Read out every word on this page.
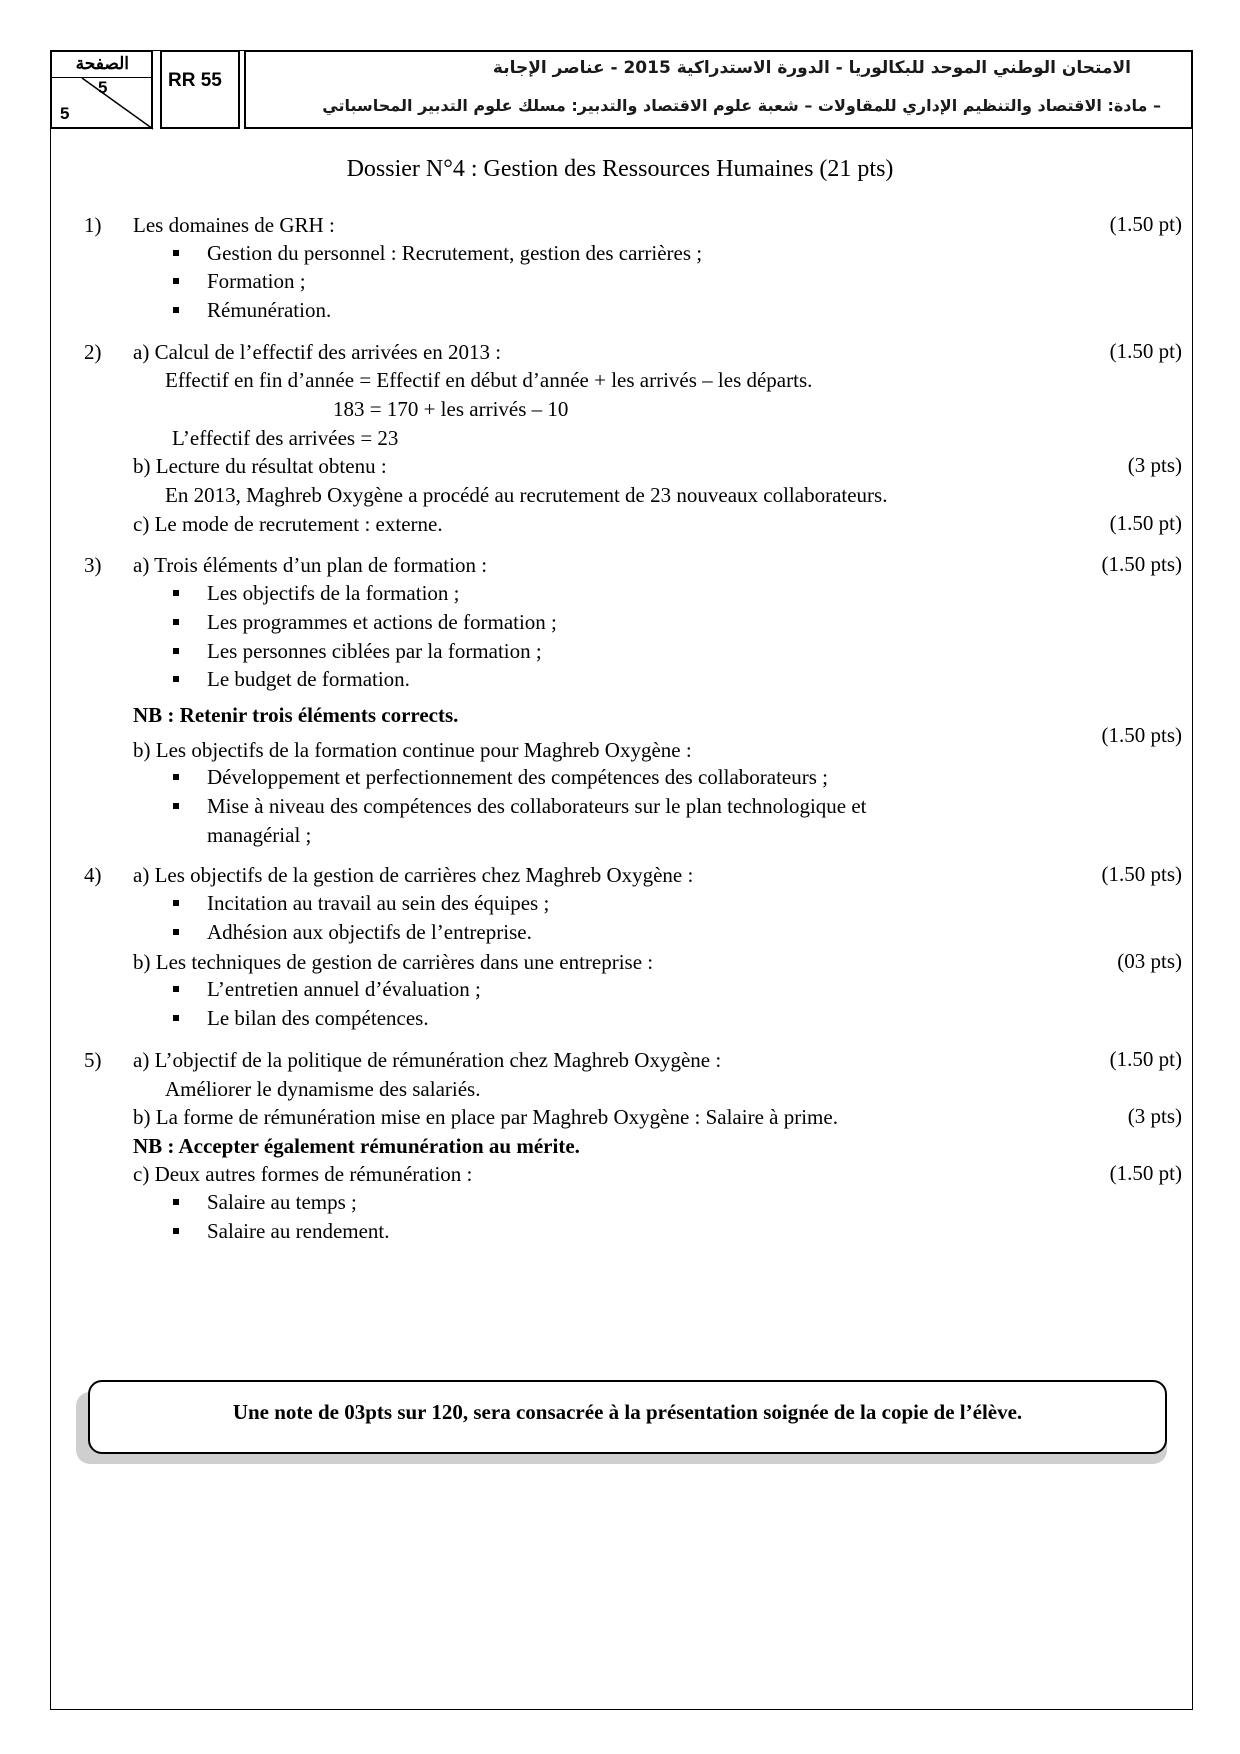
الصفحة
5
5
RR 55
الامتحان الوطني الموحد للبكالوريا - الدورة الاستدراكية 2015 - عناصر الإجابة
– مادة: الاقتصاد والتنظيم الإداري للمقاولات – شعبة علوم الاقتصاد والتدبير: مسلك علوم التدبير المحاسباتي
Dossier N°4 : Gestion des Ressources Humaines (21 pts)
1) Les domaines de GRH :	(1.50 pt)
Gestion du personnel : Recrutement, gestion des carrières ;
Formation ;
Rémunération.
2) a) Calcul de l’effectif des arrivées en 2013 :	(1.50 pt)
Effectif en fin d’année = Effectif en début d’année + les arrivés – les départs.
183 = 170 + les arrivés – 10
L’effectif des arrivées = 23
b) Lecture du résultat obtenu :	(3 pts)
En 2013, Maghreb Oxygène a procédé au recrutement de 23 nouveaux collaborateurs.
c) Le mode de recrutement : externe.	(1.50 pt)
3) a) Trois éléments d’un plan de formation :	(1.50 pts)
Les objectifs de la formation ;
Les programmes et actions de formation ;
Les personnes ciblées par la formation ;
Le budget de formation.
NB : Retenir trois éléments corrects.
b) Les objectifs de la formation continue pour Maghreb Oxygène :
(1.50 pts)
Développement et perfectionnement des compétences des collaborateurs ;
Mise à niveau des compétences des collaborateurs sur le plan technologique et
managérial ;
4) a) Les objectifs de la gestion de carrières chez Maghreb Oxygène :	(1.50 pts)
Incitation au travail au sein des équipes ;
Adhésion aux objectifs de l’entreprise.
b) Les techniques de gestion de carrières dans une entreprise :	(03 pts)
L’entretien annuel d’évaluation ;
Le bilan des compétences.
5) a) L’objectif de la politique de rémunération chez Maghreb Oxygène :	(1.50 pt)
Améliorer le dynamisme des salariés.
b) La forme de rémunération mise en place par Maghreb Oxygène : Salaire à prime.	(3 pts)
NB : Accepter également rémunération au mérite.
c) Deux autres formes de rémunération :	(1.50 pt)
Salaire au temps ;
Salaire au rendement.
Une note de 03pts sur 120, sera consacrée à la présentation soignée de la copie de l’élève.
